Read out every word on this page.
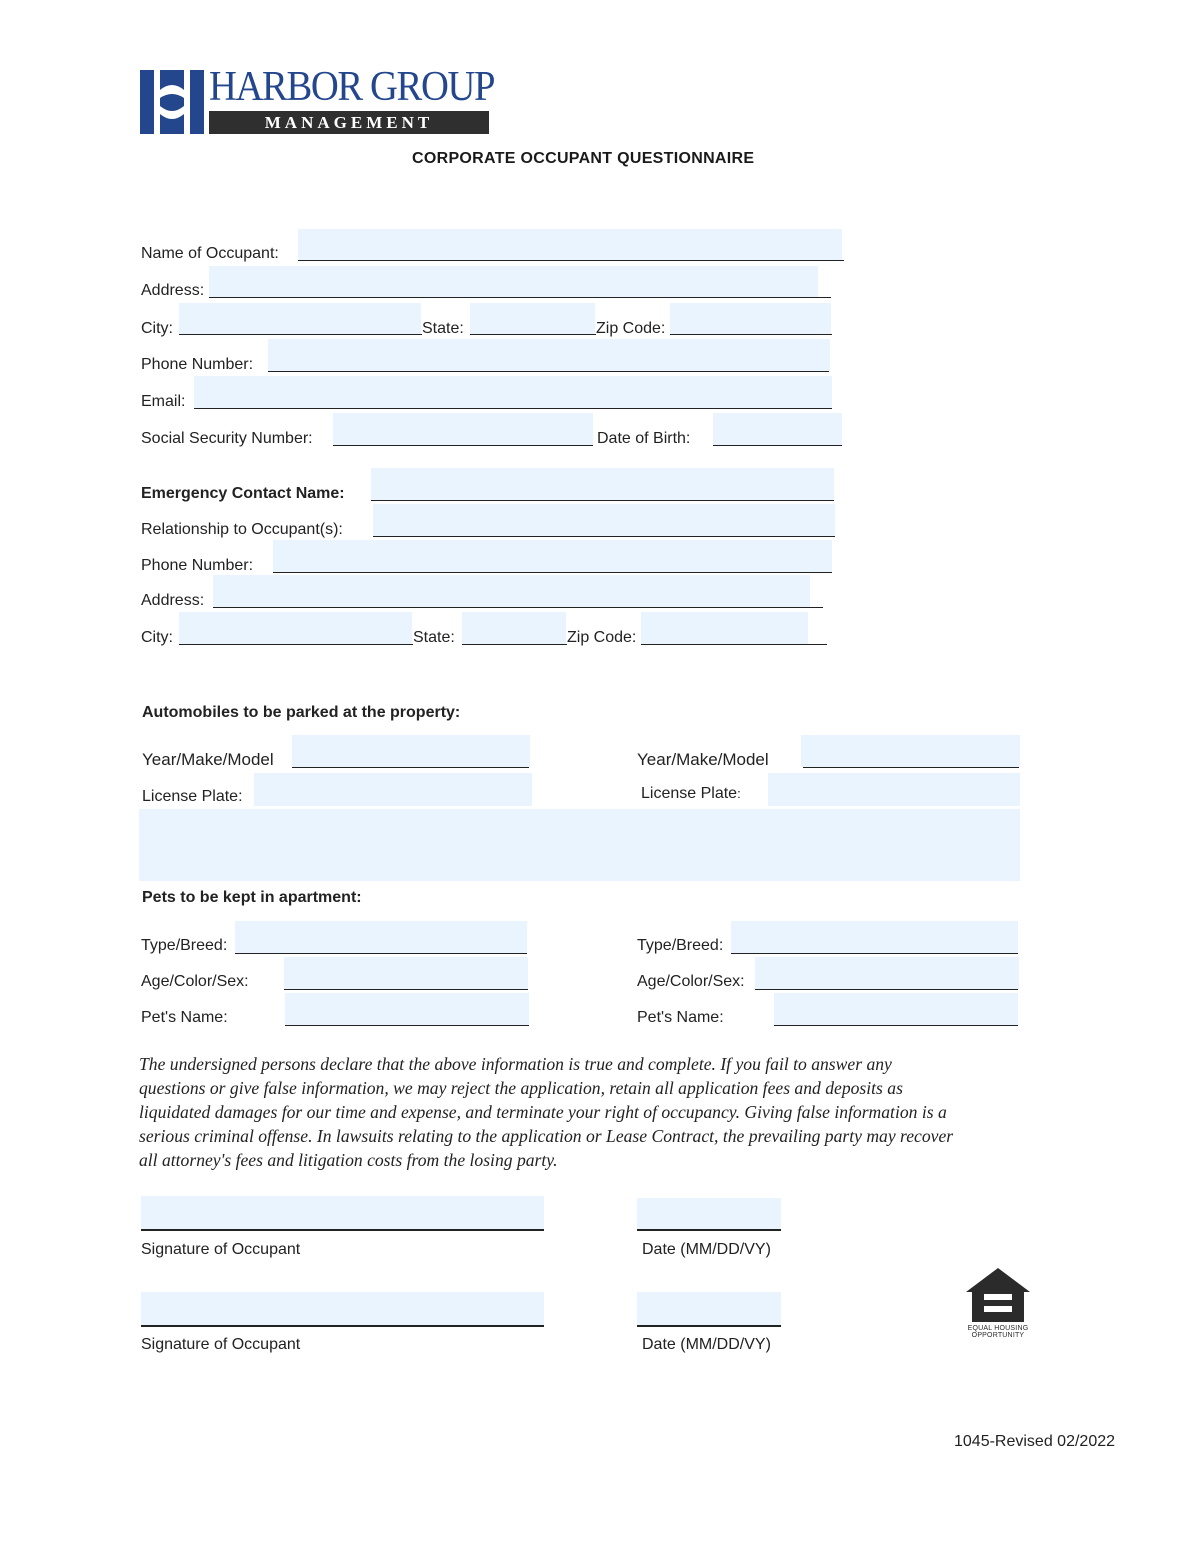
HARBOR GROUP
MANAGEMENT
CORPORATE OCCUPANT QUESTIONNAIRE
Name of Occupant:
Address:
City:	State:	Zip Code:
Phone Number:
Email:
Social Security Number:	Date of Birth:
Emergency Contact Name:
Relationship to Occupant(s):
Phone Number:
Address:
City:	State:	Zip Code:
Automobiles to be parked at the property:
Year/Make/Model	Year/Make/Model
License Plate:	License Plate:
Pets to be kept in apartment:
Type/Breed:	Type/Breed:
Age/Color/Sex:	Age/Color/Sex:
Pet's Name:	Pet's Name:
The undersigned persons declare that the above information is true and complete. If you fail to answer any
questions or give false information, we may reject the application, retain all application fees and deposits as
liquidated damages for our time and expense, and terminate your right of occupancy. Giving false information is a
serious criminal offense. In lawsuits relating to the application or Lease Contract, the prevailing party may recover
all attorney's fees and litigation costs from the losing party.
Signature of Occupant	Date (MM/DD/VY)
Signature of Occupant	Date (MM/DD/VY)
EQUAL HOUSING
OPPORTUNITY
1045-Revised 02/2022
